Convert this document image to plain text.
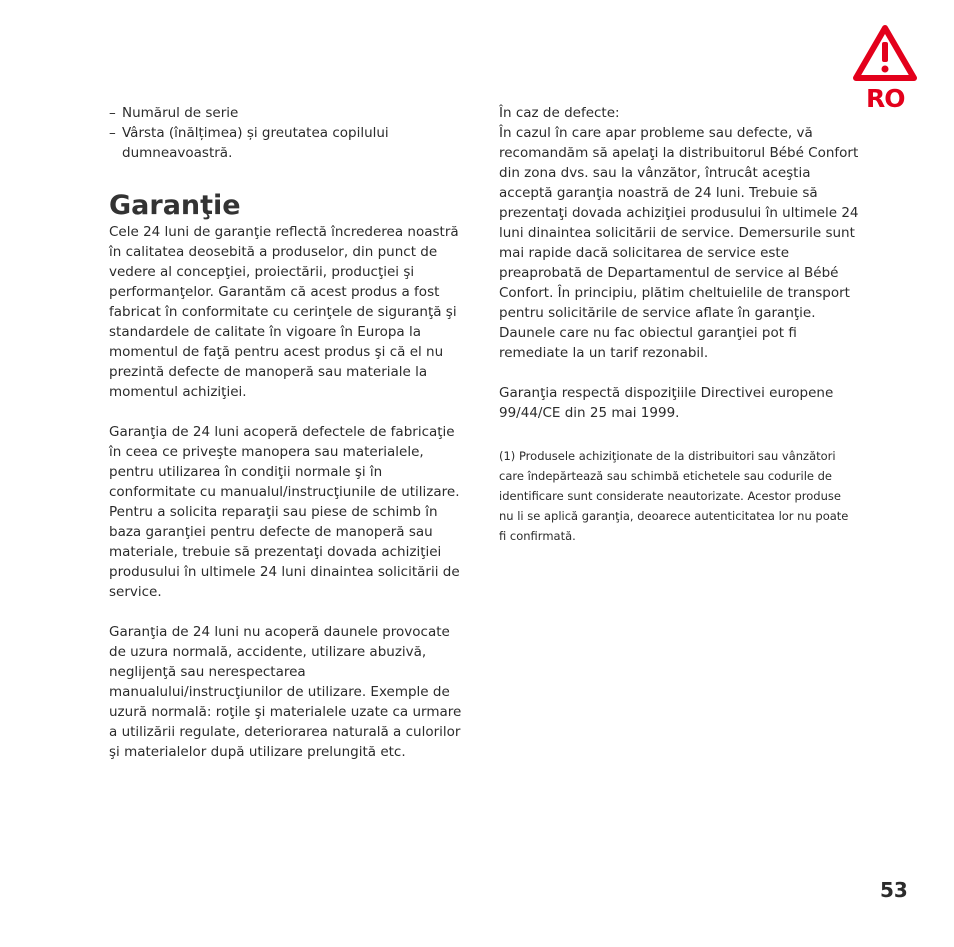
RO
– Numărul de serie
– Vârsta (înălțimea) și greutatea copilului dumneavoastră.
Garanţie

Cele 24 luni de garanţie reflectă încrederea noastră în calitatea deosebită a produselor, din punct de vedere al concepţiei, proiectării, producţiei şi performanţelor. Garantăm că acest produs a fost fabricat în conformitate cu cerinţele de siguranţă şi standardele de calitate în vigoare în Europa la momentul de faţă pentru acest produs şi că el nu prezintă defecte de manoperă sau materiale la momentul achiziţiei.

Garanţia de 24 luni acoperă defectele de fabricaţie în ceea ce priveşte manopera sau materialele, pentru utilizarea în condiţii normale şi în conformitate cu manualul/instrucţiunile de utilizare. Pentru a solicita reparaţii sau piese de schimb în baza garanţiei pentru defecte de manoperă sau materiale, trebuie să prezentaţi dovada achiziţiei produsului în ultimele 24 luni dinaintea solicitării de service.

Garanţia de 24 luni nu acoperă daunele provocate de uzura normală, accidente, utilizare abuzivă, neglijenţă sau nerespectarea manualului/instrucţiunilor de utilizare. Exemple de uzură normală: roţile şi materialele uzate ca urmare a utilizării regulate, deteriorarea naturală a culorilor şi materialelor după utilizare prelungită etc.

În caz de defecte:

În cazul în care apar probleme sau defecte, vă recomandăm să apelaţi la distribuitorul Bébé Confort din zona dvs. sau la vânzător, întrucât aceştia acceptă garanţia noastră de 24 luni. Trebuie să prezentaţi dovada achiziţiei produsului în ultimele 24 luni dinaintea solicitării de service. Demersurile sunt mai rapide dacă solicitarea de service este preaprobată de Departamentul de service al Bébé Confort. În principiu, plătim cheltuielile de transport pentru solicitările de service aflate în garanţie. Daunele care nu fac obiectul garanţiei pot fi remediate la un tarif rezonabil.

Garanţia respectă dispoziţiile Directivei europene 99/44/CE din 25 mai 1999.

(1) Produsele achiziţionate de la distribuitori sau vânzători care îndepărtează sau schimbă etichetele sau codurile de identificare sunt considerate neautorizate. Acestor produse nu li se aplică garanţia, deoarece autenticitatea lor nu poate fi confirmată.

53
